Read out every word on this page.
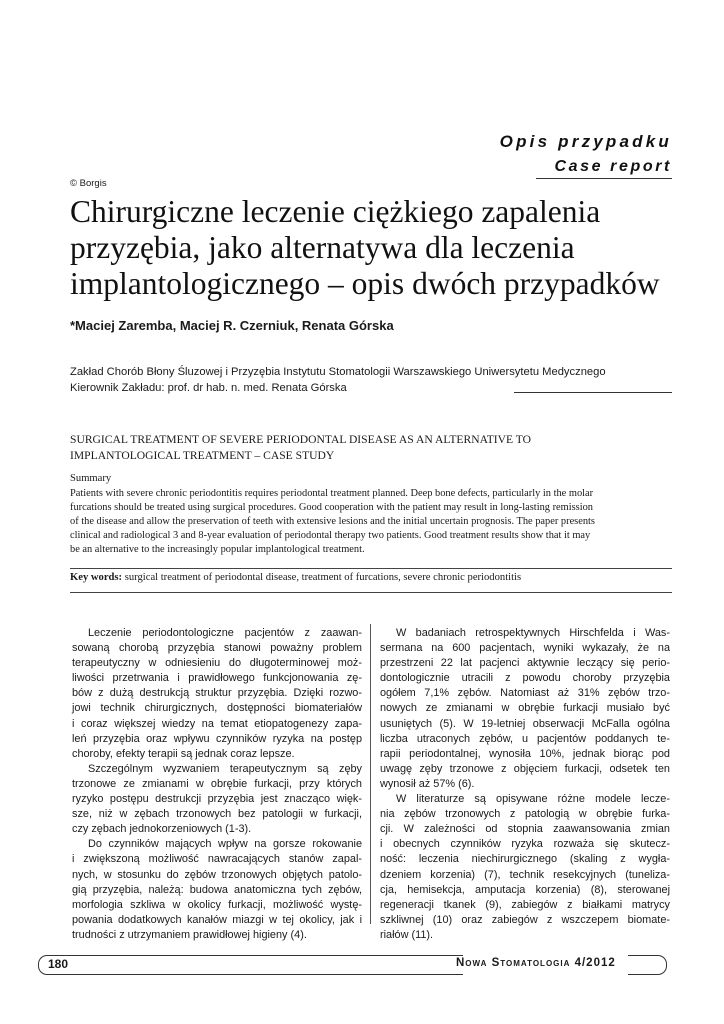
Opis przypadku
Case report
© Borgis
Chirurgiczne leczenie ciężkiego zapalenia
przyzębia, jako alternatywa dla leczenia
implantologicznego – opis dwóch przypadków
*Maciej Zaremba, Maciej R. Czerniuk, Renata Górska
Zakład Chorób Błony Śluzowej i Przyzębia Instytutu Stomatologii Warszawskiego Uniwersytetu Medycznego
Kierownik Zakładu: prof. dr hab. n. med. Renata Górska
SURGICAL TREATMENT OF SEVERE PERIODONTAL DISEASE AS AN ALTERNATIVE TO
IMPLANTOLOGICAL TREATMENT – CASE STUDY
Summary
Patients with severe chronic periodontitis requires periodontal treatment planned. Deep bone defects, particularly in the molar
furcations should be treated using surgical procedures. Good cooperation with the patient may result in long-lasting remission
of the disease and allow the preservation of teeth with extensive lesions and the initial uncertain prognosis. The paper presents
clinical and radiological 3 and 8-year evaluation of periodontal therapy two patients. Good treatment results show that it may
be an alternative to the increasingly popular implantological treatment.
Key words: surgical treatment of periodontal disease, treatment of furcations, severe chronic periodontitis

Leczenie periodontologiczne pacjentów z zaawan-

sowaną chorobą przyzębia stanowi poważny problem

terapeutyczny w odniesieniu do długoterminowej moż-

liwości przetrwania i prawidłowego funkcjonowania zę-

bów z dużą destrukcją struktur przyzębia. Dzięki rozwo-

jowi technik chirurgicznych, dostępności biomateriałów

i coraz większej wiedzy na temat etiopatogenezy zapa-

leń przyzębia oraz wpływu czynników ryzyka na postęp

choroby, efekty terapii są jednak coraz lepsze.

Szczególnym wyzwaniem terapeutycznym są zęby

trzonowe ze zmianami w obrębie furkacji, przy których

ryzyko postępu destrukcji przyzębia jest znacząco więk-

sze, niż w zębach trzonowych bez patologii w furkacji,

czy zębach jednokorzeniowych (1-3).

Do czynników mających wpływ na gorsze rokowanie

i zwiększoną możliwość nawracających stanów zapal-

nych, w stosunku do zębów trzonowych objętych patolo-

gią przyzębia, należą: budowa anatomiczna tych zębów,

morfologia szkliwa w okolicy furkacji, możliwość wystę-

powania dodatkowych kanałów miazgi w tej okolicy, jak i

trudności z utrzymaniem prawidłowej higieny (4).

W badaniach retrospektywnych Hirschfelda i Was-

sermana na 600 pacjentach, wyniki wykazały, że na

przestrzeni 22 lat pacjenci aktywnie leczący się perio-

dontologicznie utracili z powodu choroby przyzębia

ogółem 7,1% zębów. Natomiast aż 31% zębów trzo-

nowych ze zmianami w obrębie furkacji musiało być

usuniętych (5). W 19-letniej obserwacji McFalla ogólna

liczba utraconych zębów, u pacjentów poddanych te-

rapii periodontalnej, wynosiła 10%, jednak biorąc pod

uwagę zęby trzonowe z objęciem furkacji, odsetek ten

wynosił aż 57% (6).

W literaturze są opisywane różne modele lecze-

nia zębów trzonowych z patologią w obrębie furka-

cji. W zależności od stopnia zaawansowania zmian

i obecnych czynników ryzyka rozważa się skutecz-

ność: leczenia niechirurgicznego (skaling z wygła-

dzeniem korzenia) (7), technik resekcyjnych (tuneliza-

cja, hemisekcja, amputacja korzenia) (8), sterowanej

regeneracji tkanek (9), zabiegów z białkami matrycy

szkliwnej (10) oraz zabiegów z wszczepem biomate-

riałów (11).

180	Nowa Stomatologia 4/2012
